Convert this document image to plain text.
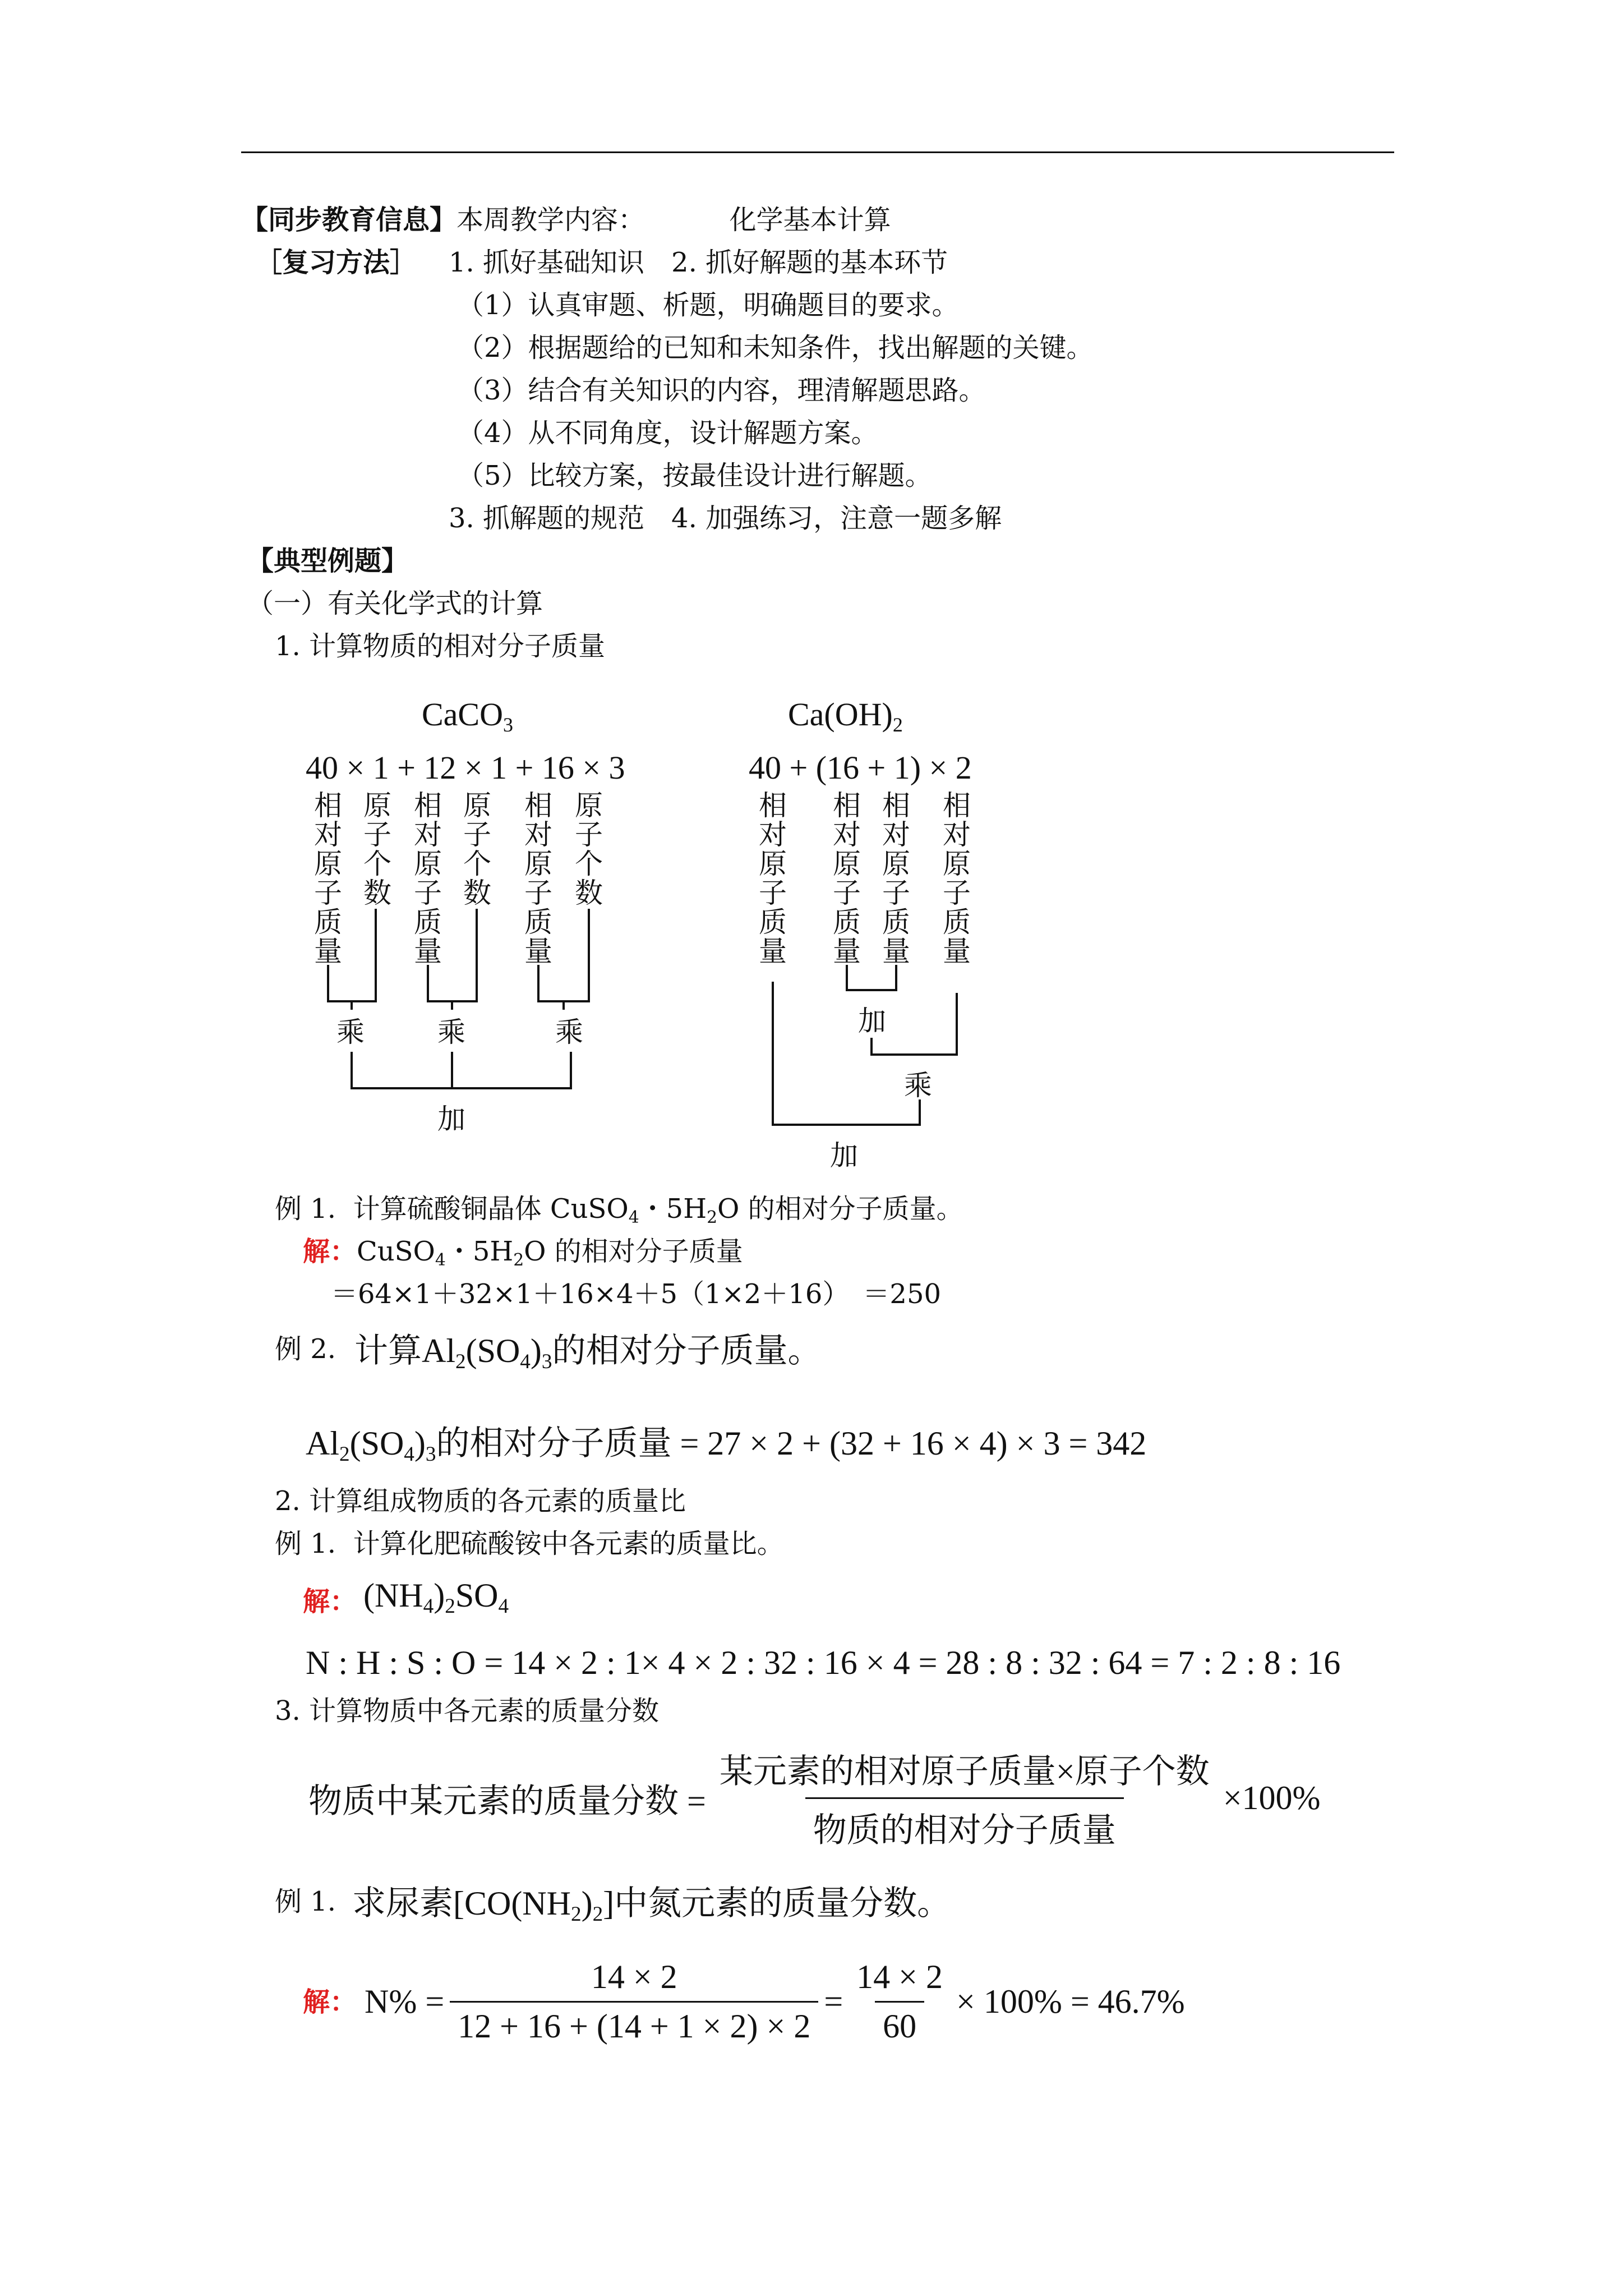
【同步教育信息】本周教学内容：	化学基本计算
［复习方法］ 1. 抓好基础知识　2. 抓好解题的基本环节
（1）认真审题、析题，明确题目的要求。
（2）根据题给的已知和未知条件，找出解题的关键。
（3）结合有关知识的内容，理清解题思路。
（4）从不同角度，设计解题方案。
（5）比较方案，按最佳设计进行解题。
3. 抓解题的规范　4. 加强练习，注意一题多解
【典型例题】
（一）有关化学式的计算
1. 计算物质的相对分子质量
CaCO$_3$
40 × 1 + 12 × 1 + 16 × 3
相对原子质量
原子个数
相对原子质量
原子个数
相对原子质量
原子个数
乘	乘	乘
加
$Ca(OH)_2$
40 + (16 + 1) × 2
相对原子质量
相对原子质量
相对原子质量
相对原子质量
加
乘
加
例 1. 计算硫酸铜晶体 CuSO$_4$・$5H_2O$ 的相对分子质量。
解：CuSO$_4$・$5H_2O$ 的相对分子质量
＝64×1＋32×1＋16×4＋5（1×2＋16）　＝250
例 2. 计算$Al_2(SO_4)_3$的相对分子质量。
$Al_2(SO_4)_3$的相对分子质量 = 27 × 2 + (32 + 16 × 4) × 3 = 342
2. 计算组成物质的各元素的质量比
例 1. 计算化肥硫酸铵中各元素的质量比。
解： $(NH_4)_2SO_4$
N : H : S : O = 14 × 2 : 1× 4 × 2 : 32 : 16 × 4 = 28 : 8 : 32 : 64 = 7 : 2 : 8 : 16
3. 计算物质中各元素的质量分数
物质中某元素的质量分数 = $\frac{\text{某元素的相对原子质量×原子个数}}{\text{物质的相对分子质量}} \times 100\%$
例 1. 求尿素$[CO(NH_2)_2]$中氮元素的质量分数。
解： $N\% = \frac{14 \times 2}{12 + 16 + (14 + 1 \times 2) \times 2} = \frac{14 \times 2}{60} \times 100\% = 46.7\%$
